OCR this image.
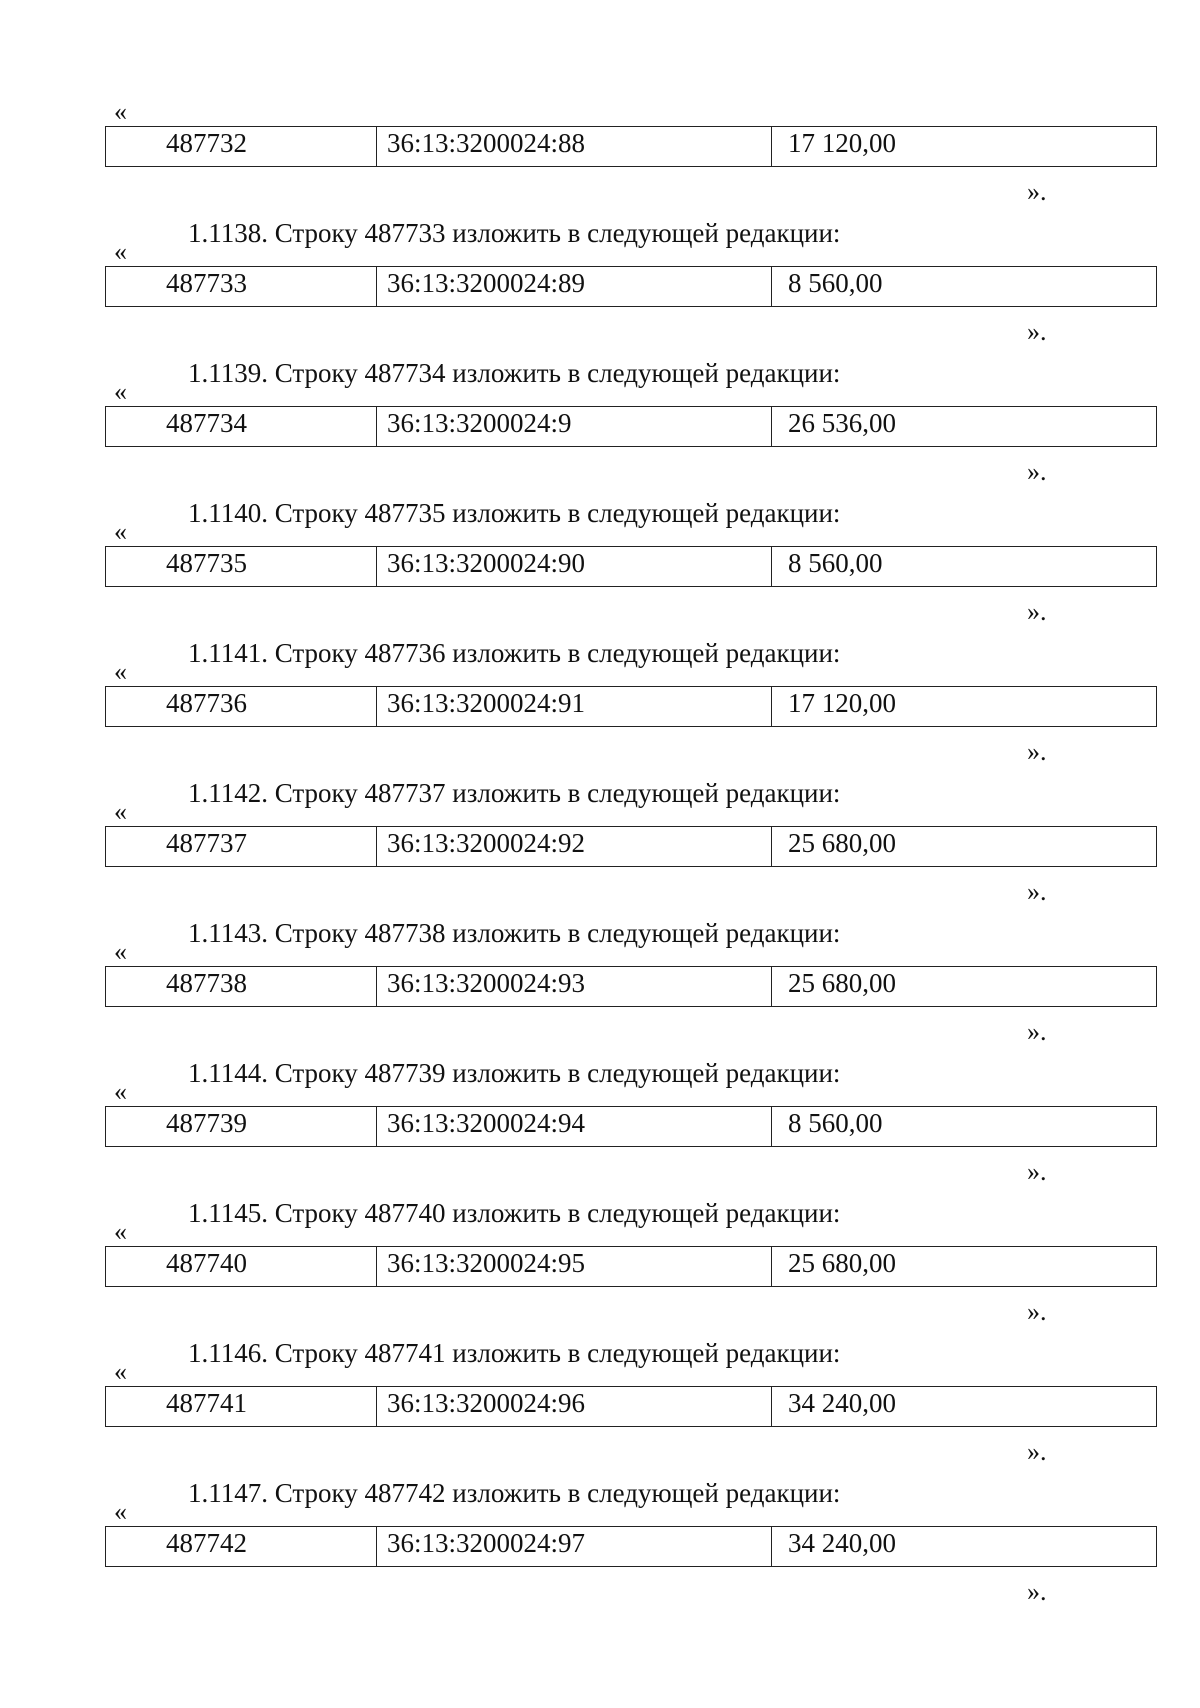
«
487732	36:13:3200024:88	17 120,00
».
1.1138. Строку 487733 изложить в следующей редакции:
«
487733	36:13:3200024:89	8 560,00
».
1.1139. Строку 487734 изложить в следующей редакции:
«
487734	36:13:3200024:9	26 536,00
».
1.1140. Строку 487735 изложить в следующей редакции:
«
487735	36:13:3200024:90	8 560,00
».
1.1141. Строку 487736 изложить в следующей редакции:
«
487736	36:13:3200024:91	17 120,00
».
1.1142. Строку 487737 изложить в следующей редакции:
«
487737	36:13:3200024:92	25 680,00
».
1.1143. Строку 487738 изложить в следующей редакции:
«
487738	36:13:3200024:93	25 680,00
».
1.1144. Строку 487739 изложить в следующей редакции:
«
487739	36:13:3200024:94	8 560,00
».
1.1145. Строку 487740 изложить в следующей редакции:
«
487740	36:13:3200024:95	25 680,00
».
1.1146. Строку 487741 изложить в следующей редакции:
«
487741	36:13:3200024:96	34 240,00
».
1.1147. Строку 487742 изложить в следующей редакции:
«
487742	36:13:3200024:97	34 240,00
».
